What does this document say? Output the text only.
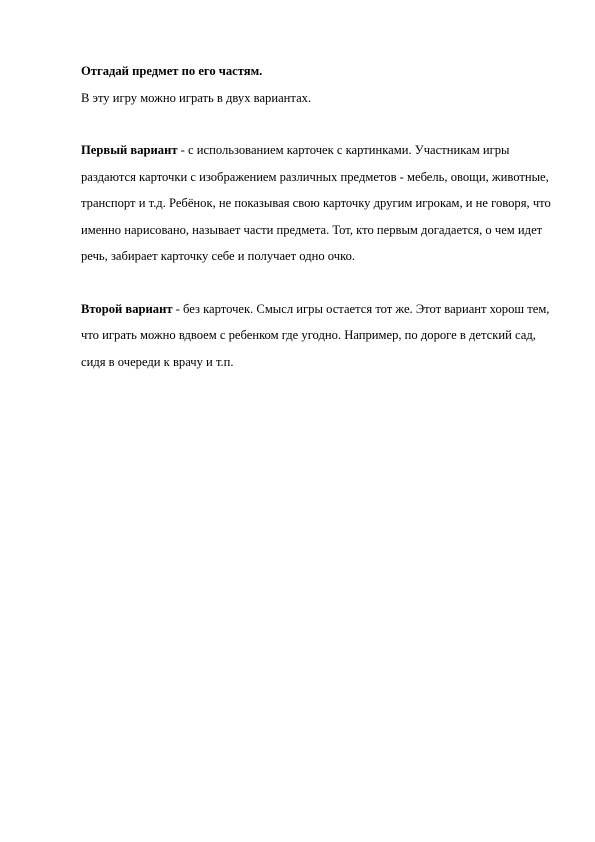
Отгадай предмет по его частям.

В эту игру можно играть в двух вариантах.

Первый вариант - с использованием карточек с картинками. Участникам игры раздаются карточки с изображением различных предметов - мебель, овощи, животные, транспорт и т.д. Ребёнок, не показывая свою карточку другим игрокам, и не говоря, что именно нарисовано, называет части предмета. Тот, кто первым догадается, о чем идет речь, забирает карточку себе и получает одно очко.

Второй вариант - без карточек. Смысл игры остается тот же. Этот вариант хорош тем, что играть можно вдвоем с ребенком где угодно. Например, по дороге в детский сад, сидя в очереди к врачу и т.п.
